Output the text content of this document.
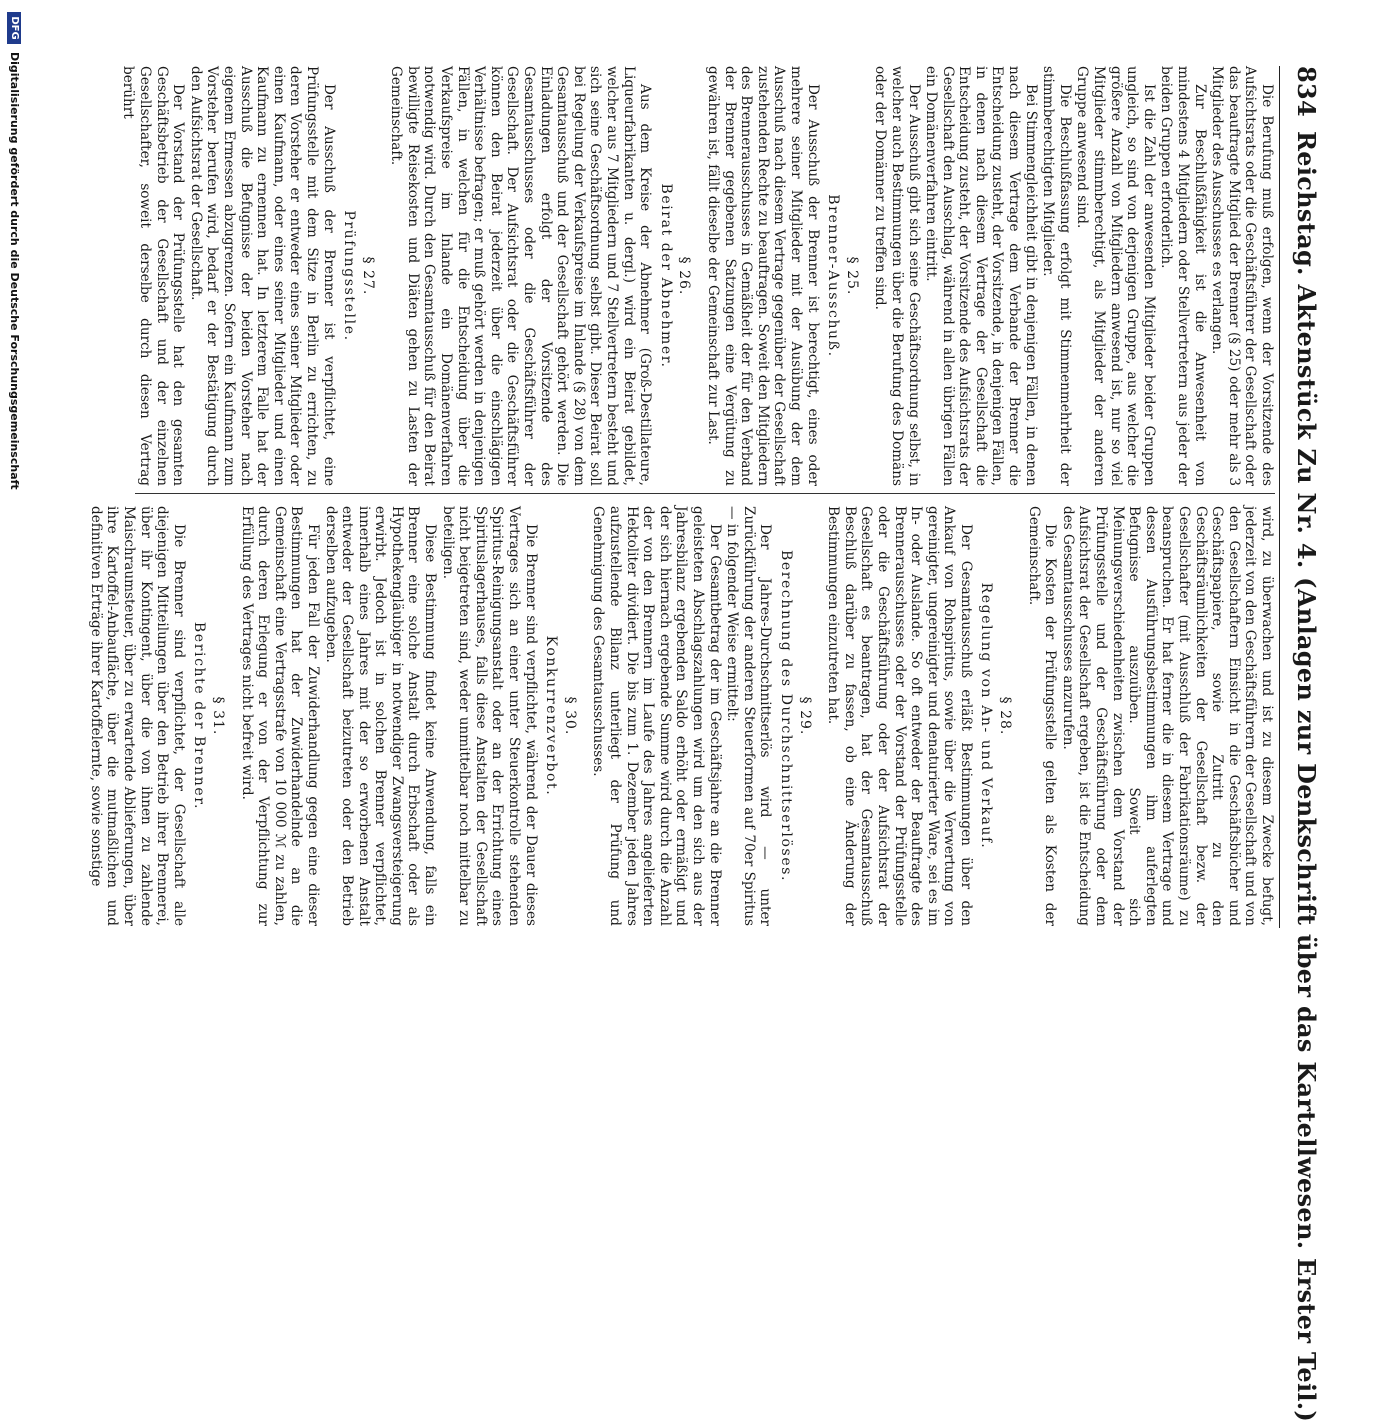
834
Reichstag. Aktenstück Zu Nr. 4. (Anlagen zur Denkschrift über das Kartellwesen. Erster Teil.)

Die Berufung muß erfolgen, wenn der Vorsitzende des Aufsichtsrats oder die Geschäftsführer der Gesellschaft oder das beauftragte Mitglied der Brenner (§ 25) oder mehr als 3 Mitglieder des Ausschusses es verlangen.

Zur Beschlußfähigkeit ist die Anwesenheit von mindestens 4 Mitgliedern oder Stellvertretern aus jeder der beiden Gruppen erforderlich.

Ist die Zahl der anwesenden Mitglieder beider Gruppen ungleich, so sind von derjenigen Gruppe, aus welcher die größere Anzahl von Mitgliedern anwesend ist, nur so viel Mitglieder stimmberechtigt, als Mitglieder der anderen Gruppe anwesend sind.

Die Beschlußfassung erfolgt mit Stimmenmehrheit der stimmberechtigten Mitglieder.

Bei Stimmengleichheit gibt in denjenigen Fällen, in denen nach diesem Vertrage dem Verbande der Brenner die Entscheidung zusteht, der Vorsitzende, in denjenigen Fällen, in denen nach diesem Vertrage der Gesellschaft die Entscheidung zusteht, der Vorsitzende des Aufsichtsrats der Gesellschaft den Ausschlag, während in allen übrigen Fällen ein Domänenverfahren eintritt.

Der Ausschuß gibt sich seine Geschäftsordnung selbst, in welcher auch Bestimmungen über die Berufung des Domäns oder der Domänner zu treffen sind.

§ 25.
Brenner-Ausschuß.

Der Ausschuß der Brenner ist berechtigt, eines oder mehrere seiner Mitglieder mit der Ausübung der dem Ausschuß nach diesem Vertrage gegenüber der Gesellschaft zustehenden Rechte zu beauftragen. Soweit den Mitgliedern des Brennerausschusses in Gemäßheit der für den Verband der Brenner gegebenen Satzungen eine Vergütung zu gewähren ist, fällt dieselbe der Gemeinschaft zur Last.

§ 26.
Beirat der Abnehmer.

Aus dem Kreise der Abnehmer (Groß-Destillateure, Liqueurfabrikanten u. dergl.) wird ein Beirat gebildet, welcher aus 7 Mitgliedern und 7 Stellvertretern besteht und sich seine Geschäftsordnung selbst gibt. Dieser Beirat soll bei Regelung der Verkaufspreise im Inlande (§ 28) von dem Gesamtausschuß und der Gesellschaft gehört werden. Die Einladungen erfolgt der Vorsitzende des Gesamtausschusses oder die Geschäftsführer der Gesellschaft. Der Aufsichtsrat oder die Geschäftsführer können den Beirat jederzeit über die einschlägigen Verhältnisse befragen; er muß gehört werden in denjenigen Fällen, in welchen für die Entscheidung über die Verkaufspreise im Inlande ein Domänenverfahren notwendig wird. Durch den Gesamtausschuß für den Beirat bewilligte Reisekosten und Diäten gehen zu Lasten der Gemeinschaft.

§ 27.
Prüfungsstelle.

Der Ausschuß der Brenner ist verpflichtet, eine Prüfungsstelle mit dem Sitze in Berlin zu errichten, zu deren Vorsteher er entweder eines seiner Mitglieder oder einen Kaufmann, oder eines seiner Mitglieder und einen Kaufmann zu ernennen hat. In letzterem Falle hat der Ausschuß die Befugnisse der beiden Vorsteher nach eigenem Ermessen abzugrenzen. Sofern ein Kaufmann zum Vorsteher berufen wird, bedarf er der Bestätigung durch den Aufsichtsrat der Gesellschaft.

Der Vorstand der Prüfungsstelle hat den gesamten Geschäftsbetrieb der Gesellschaft und der einzelnen Gesellschafter, soweit derselbe durch diesen Vertrag berührt

wird, zu überwachen und ist zu diesem Zwecke befugt, jederzeit von den Geschäftsführern der Gesellschaft und von den Gesellschaftern Einsicht in die Geschäftsbücher und Geschäftspapiere, sowie Zutritt zu den Geschäftsräumlichkeiten der Gesellschaft bezw. der Gesellschafter (mit Ausschluß der Fabrikationsräume) zu beanspruchen. Er hat ferner die in diesem Vertrage und dessen Ausführungsbestimmungen ihm auferlegten Befugnisse auszuüben. Soweit sich Meinungsverschiedenheiten zwischen dem Vorstand der Prüfungsstelle und der Geschäftsführung oder dem Aufsichtsrat der Gesellschaft ergeben, ist die Entscheidung des Gesamtausschusses anzurufen.

Die Kosten der Prüfungsstelle gelten als Kosten der Gemeinschaft.

§ 28.
Regelung von An- und Verkauf.

Der Gesamtausschuß erläßt Bestimmungen über den Ankauf von Rohspiritus, sowie über die Verwertung von gereinigter, ungereinigter und denaturierter Ware, sei es im In- oder Auslande. So oft entweder der Beauftragte des Brennerausschusses oder der Vorstand der Prüfungsstelle oder die Geschäftsführung oder der Aufsichtsrat der Gesellschaft es beantragen, hat der Gesamtausschuß Beschluß darüber zu fassen, ob eine Änderung der Bestimmungen einzutreten hat.

§ 29.
Berechnung des Durchschnittserlöses.

Der Jahres-Durchschnittserlös wird — unter Zurückführung der anderen Steuerformen auf 70er Spiritus — in folgender Weise ermittelt:

Der Gesamtbetrag der im Geschäftsjahre an die Brenner geleisteten Abschlagszahlungen wird um den sich aus der Jahresbilanz ergebenden Saldo erhöht oder ermäßigt und der sich hiernach ergebende Summe wird durch die Anzahl der von den Brennern im Laufe des Jahres angelieferten Hektoliter dividiert. Die bis zum 1. Dezember jeden Jahres aufzustellende Bilanz unterliegt der Prüfung und Genehmigung des Gesamtausschusses.

§ 30.
Konkurrenzverbot.

Die Brenner sind verpflichtet, während der Dauer dieses Vertrages sich an einer unter Steuerkontrolle stehenden Spiritus-Reinigungsanstalt oder an der Errichtung eines Spirituslagerhauses, falls diese Anstalten der Gesellschaft nicht beigetreten sind, weder unmittelbar noch mittelbar zu beteiligen.

Diese Bestimmung findet keine Anwendung, falls ein Brenner eine solche Anstalt durch Erbschaft oder als Hypothekengläubiger in notwendiger Zwangsversteigerung erwirbt. Jedoch ist in solchen Brenner verpflichtet, innerhalb eines Jahres mit der so erworbenen Anstalt entweder der Gesellschaft beizutreten oder den Betrieb derselben aufzugeben.

Für jeden Fall der Zuwiderhandlung gegen eine dieser Bestimmungen hat der Zuwiderhandelnde an die Gemeinschaft eine Vertragsstrafe von 10 000 ℳ zu zahlen, durch deren Erlegung er von der Verpflichtung zur Erfüllung des Vertrages nicht befreit wird.

§ 31.
Berichte der Brenner.

Die Brenner sind verpflichtet, der Gesellschaft alle diejenigen Mitteilungen über den Betrieb ihrer Brennerei, über ihr Kontingent, über die von ihnen zu zahlende Maischraumsteuer, über zu erwartende Ablieferungen, über ihre Kartoffel-Anbaufläche, über die mutmaßlichen und definitiven Erträge ihrer Kartoffelernte, sowie sonstige

DFG
Digitalisierung gefördert durch die Deutsche Forschungsgemeinschaft
